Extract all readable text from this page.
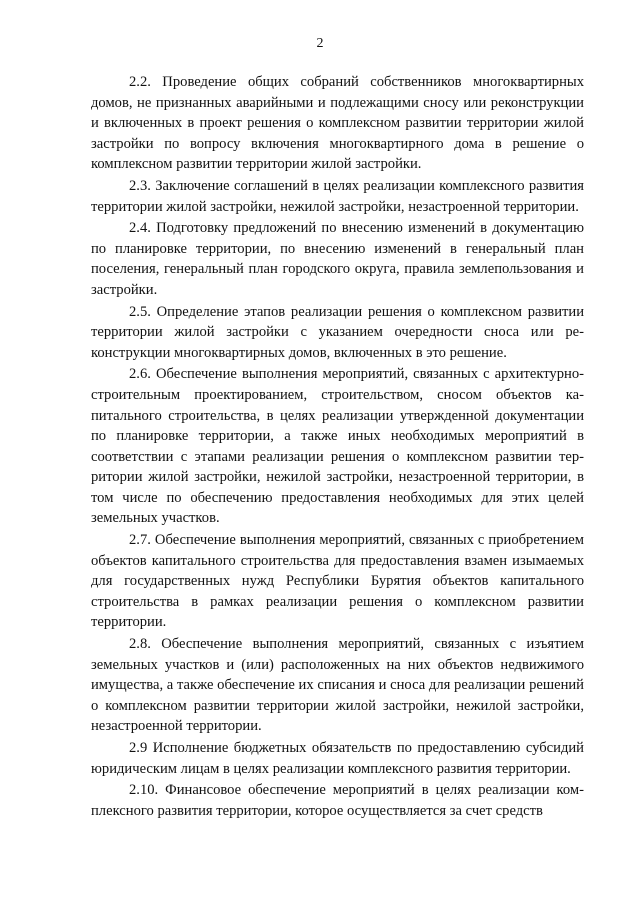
2

2.2. Проведение общих собраний собственников многоквартирных домов, не признанных аварийными и подлежащими сносу или реконструкции и включенных в проект решения о комплексном развитии территории жилой застройки по вопросу включения многоквартирного дома в решение о комплексном развитии территории жилой застройки.

2.3. Заключение соглашений в целях реализации комплексного развития территории жилой застройки, нежилой застройки, незастроенной территории.

2.4. Подготовку предложений по внесению изменений в документацию по планировке территории, по внесению изменений в генеральный план поселения, генеральный план городского округа, правила землепользования и застройки.

2.5. Определение этапов реализации решения о комплексном развитии территории жилой застройки с указанием очередности сноса или реконструкции многоквартирных домов, включенных в это решение.

2.6. Обеспечение выполнения мероприятий, связанных с архитектурно-строительным проектированием, строительством, сносом объектов капитального строительства, в целях реализации утвержденной документации по планировке территории, а также иных необходимых мероприятий в соответствии с этапами реализации решения о комплексном развитии территории жилой застройки, нежилой застройки, незастроенной территории, в том числе по обеспечению предоставления необходимых для этих целей земельных участков.

2.7. Обеспечение выполнения мероприятий, связанных с приобретением объектов капитального строительства для предоставления взамен изымаемых для государственных нужд Республики Бурятия объектов капитального строительства в рамках реализации решения о комплексном развитии территории.

2.8. Обеспечение выполнения мероприятий, связанных с изъятием земельных участков и (или) расположенных на них объектов недвижимого имущества, а также обеспечение их списания и сноса для реализации решений о комплексном развитии территории жилой застройки, нежилой застройки, незастроенной территории.

2.9 Исполнение бюджетных обязательств по предоставлению субсидий юридическим лицам в целях реализации комплексного развития территории.

2.10. Финансовое обеспечение мероприятий в целях реализации комплексного развития территории, которое осуществляется за счет средств
